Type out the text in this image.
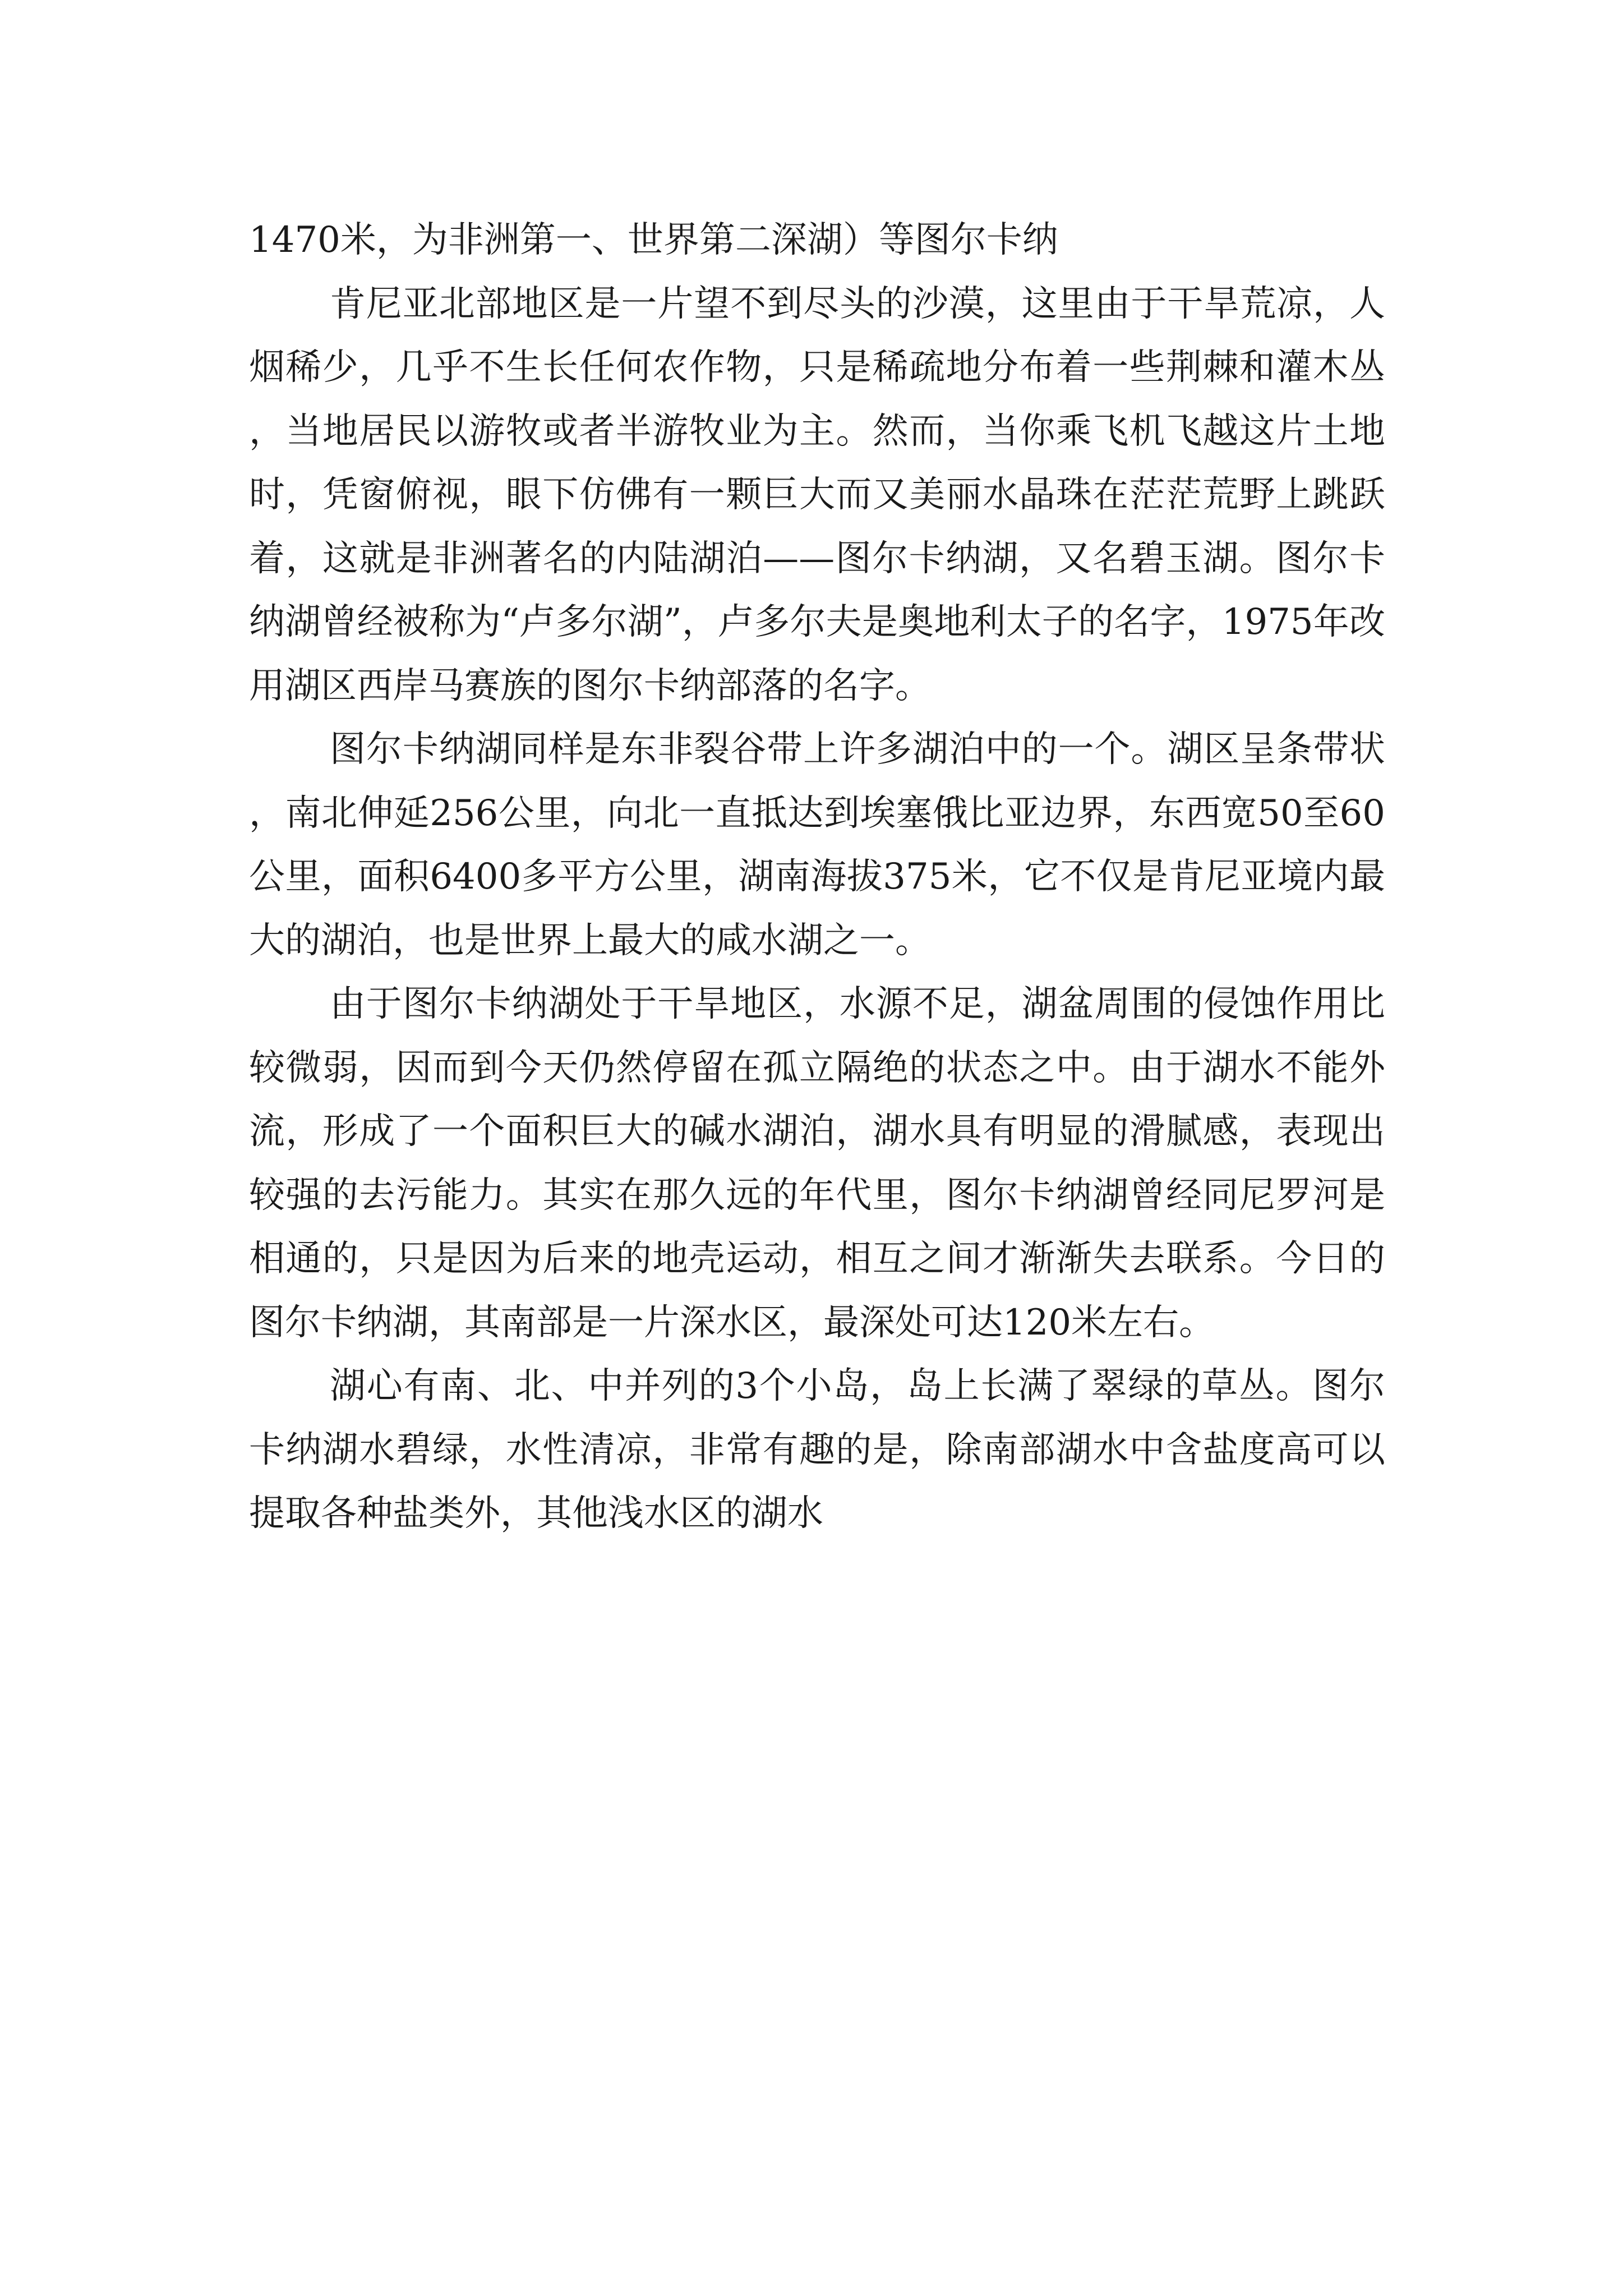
1470米，为非洲第一、世界第二深湖）等图尔卡纳

肯尼亚北部地区是一片望不到尽头的沙漠，这里由于干旱荒凉，人烟稀少，几乎不生长任何农作物，只是稀疏地分布着一些荆棘和灌木丛，当地居民以游牧或者半游牧业为主。然而，当你乘飞机飞越这片土地时，凭窗俯视，眼下仿佛有一颗巨大而又美丽水晶珠在茫茫荒野上跳跃着，这就是非洲著名的内陆湖泊——图尔卡纳湖，又名碧玉湖。图尔卡纳湖曾经被称为“卢多尔湖”，卢多尔夫是奥地利太子的名字，1975年改用湖区西岸马赛族的图尔卡纳部落的名字。

图尔卡纳湖同样是东非裂谷带上许多湖泊中的一个。湖区呈条带状，南北伸延256公里，向北一直抵达到埃塞俄比亚边界，东西宽50至60公里，面积6400多平方公里，湖南海拔375米，它不仅是肯尼亚境内最大的湖泊，也是世界上最大的咸水湖之一。

由于图尔卡纳湖处于干旱地区，水源不足，湖盆周围的侵蚀作用比较微弱，因而到今天仍然停留在孤立隔绝的状态之中。由于湖水不能外流，形成了一个面积巨大的碱水湖泊，湖水具有明显的滑腻感，表现出较强的去污能力。其实在那久远的年代里，图尔卡纳湖曾经同尼罗河是相通的，只是因为后来的地壳运动，相互之间才渐渐失去联系。今日的图尔卡纳湖，其南部是一片深水区，最深处可达120米左右。

湖心有南、北、中并列的3个小岛，岛上长满了翠绿的草丛。图尔卡纳湖水碧绿，水性清凉，非常有趣的是，除南部湖水中含盐度高可以提取各种盐类外，其他浅水区的湖水
